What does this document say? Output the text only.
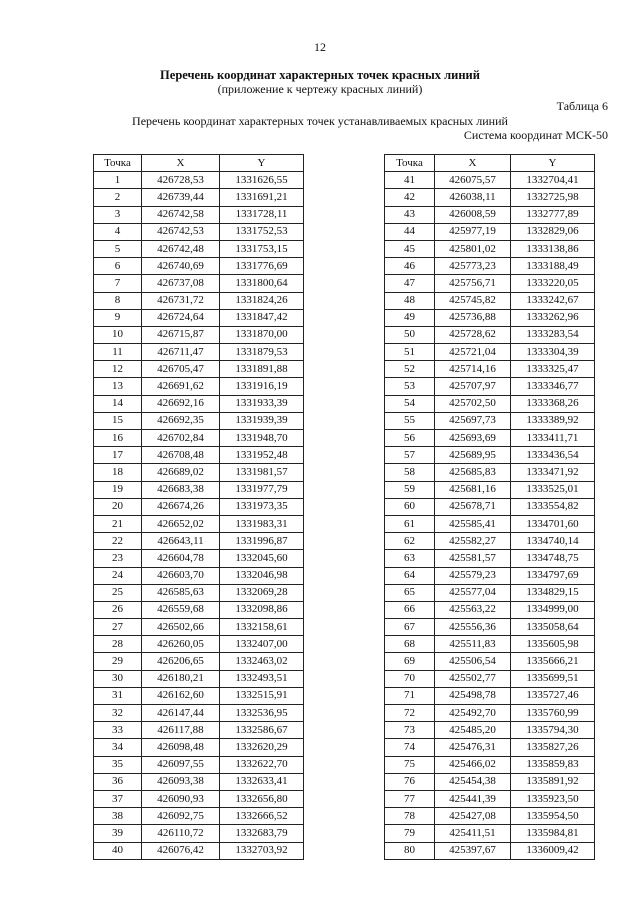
12
Перечень координат характерных точек красных линий
(приложение к чертежу красных линий)
Таблица 6
Перечень координат характерных точек устанавливаемых красных линий
Система координат МСК-50
Точка	X	Y
1	426728,53	1331626,55
2	426739,44	1331691,21
3	426742,58	1331728,11
4	426742,53	1331752,53
5	426742,48	1331753,15
6	426740,69	1331776,69
7	426737,08	1331800,64
8	426731,72	1331824,26
9	426724,64	1331847,42
10	426715,87	1331870,00
11	426711,47	1331879,53
12	426705,47	1331891,88
13	426691,62	1331916,19
14	426692,16	1331933,39
15	426692,35	1331939,39
16	426702,84	1331948,70
17	426708,48	1331952,48
18	426689,02	1331981,57
19	426683,38	1331977,79
20	426674,26	1331973,35
21	426652,02	1331983,31
22	426643,11	1331996,87
23	426604,78	1332045,60
24	426603,70	1332046,98
25	426585,63	1332069,28
26	426559,68	1332098,86
27	426502,66	1332158,61
28	426260,05	1332407,00
29	426206,65	1332463,02
30	426180,21	1332493,51
31	426162,60	1332515,91
32	426147,44	1332536,95
33	426117,88	1332586,67
34	426098,48	1332620,29
35	426097,55	1332622,70
36	426093,38	1332633,41
37	426090,93	1332656,80
38	426092,75	1332666,52
39	426110,72	1332683,79
40	426076,42	1332703,92
Точка	X	Y
41	426075,57	1332704,41
42	426038,11	1332725,98
43	426008,59	1332777,89
44	425977,19	1332829,06
45	425801,02	1333138,86
46	425773,23	1333188,49
47	425756,71	1333220,05
48	425745,82	1333242,67
49	425736,88	1333262,96
50	425728,62	1333283,54
51	425721,04	1333304,39
52	425714,16	1333325,47
53	425707,97	1333346,77
54	425702,50	1333368,26
55	425697,73	1333389,92
56	425693,69	1333411,71
57	425689,95	1333436,54
58	425685,83	1333471,92
59	425681,16	1333525,01
60	425678,71	1333554,82
61	425585,41	1334701,60
62	425582,27	1334740,14
63	425581,57	1334748,75
64	425579,23	1334797,69
65	425577,04	1334829,15
66	425563,22	1334999,00
67	425556,36	1335058,64
68	425511,83	1335605,98
69	425506,54	1335666,21
70	425502,77	1335699,51
71	425498,78	1335727,46
72	425492,70	1335760,99
73	425485,20	1335794,30
74	425476,31	1335827,26
75	425466,02	1335859,83
76	425454,38	1335891,92
77	425441,39	1335923,50
78	425427,08	1335954,50
79	425411,51	1335984,81
80	425397,67	1336009,42
